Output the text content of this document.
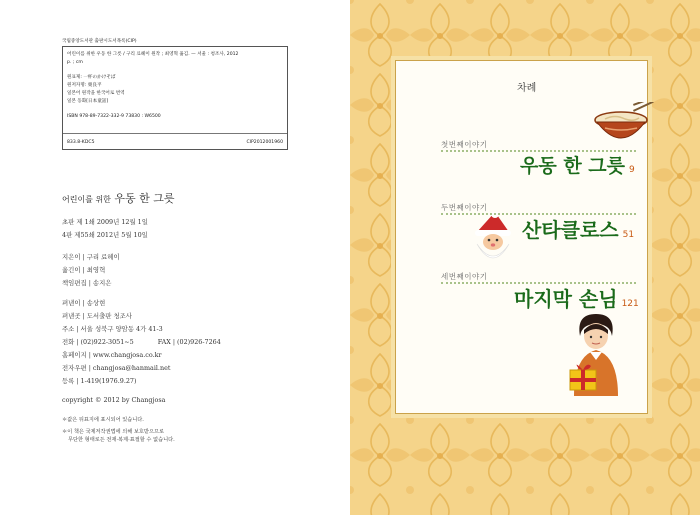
국립중앙도서관 출판시도서목록(CIP)
어린이를 위한 우동 한 그릇 / 구리 료헤이 원작 ; 최영혁 옮김. — 서울 : 청조사, 2012
p. ; cm
원표제: 一杯のかけそば
원저자명: 栗良平
일본어 원작을 한국어로 번역
일본 동화[日本童話]
ISBN 978-89-7322-332-9 73830 : W6500
833.8-KDC5	CIP2012001960
어린이를 위한 우동 한 그릇
초판 제 1쇄 2009년 12월 1일
4판 제55쇄 2012년 5월 10일
지은이 | 구리 료헤이
옮긴이 | 최영혁
책임편집 | 송지은
펴낸이 | 송상현
펴낸곳 | 도서출판 청조사
주소 | 서울 성북구 양암동 4가 41-3
전화 | (02)922-3051~5	FAX | (02)926-7264
홈페이지 | www.changjosa.co.kr
전자우편 | changjosa@hanmail.net
등록 | 1-419(1976.9.27)
copyright © 2012 by Changjosa
＊값은 뒤표지에 표시되어 있습니다.
＊이 책은 국제저작권법에 의해 보호받으므로
무단한 형태로든 전재·복제·표절할 수 없습니다.
차례
첫번째이야기
우동 한 그릇 9
두번째이야기
산타클로스 51
세번째이야기
마지막 손님 121
